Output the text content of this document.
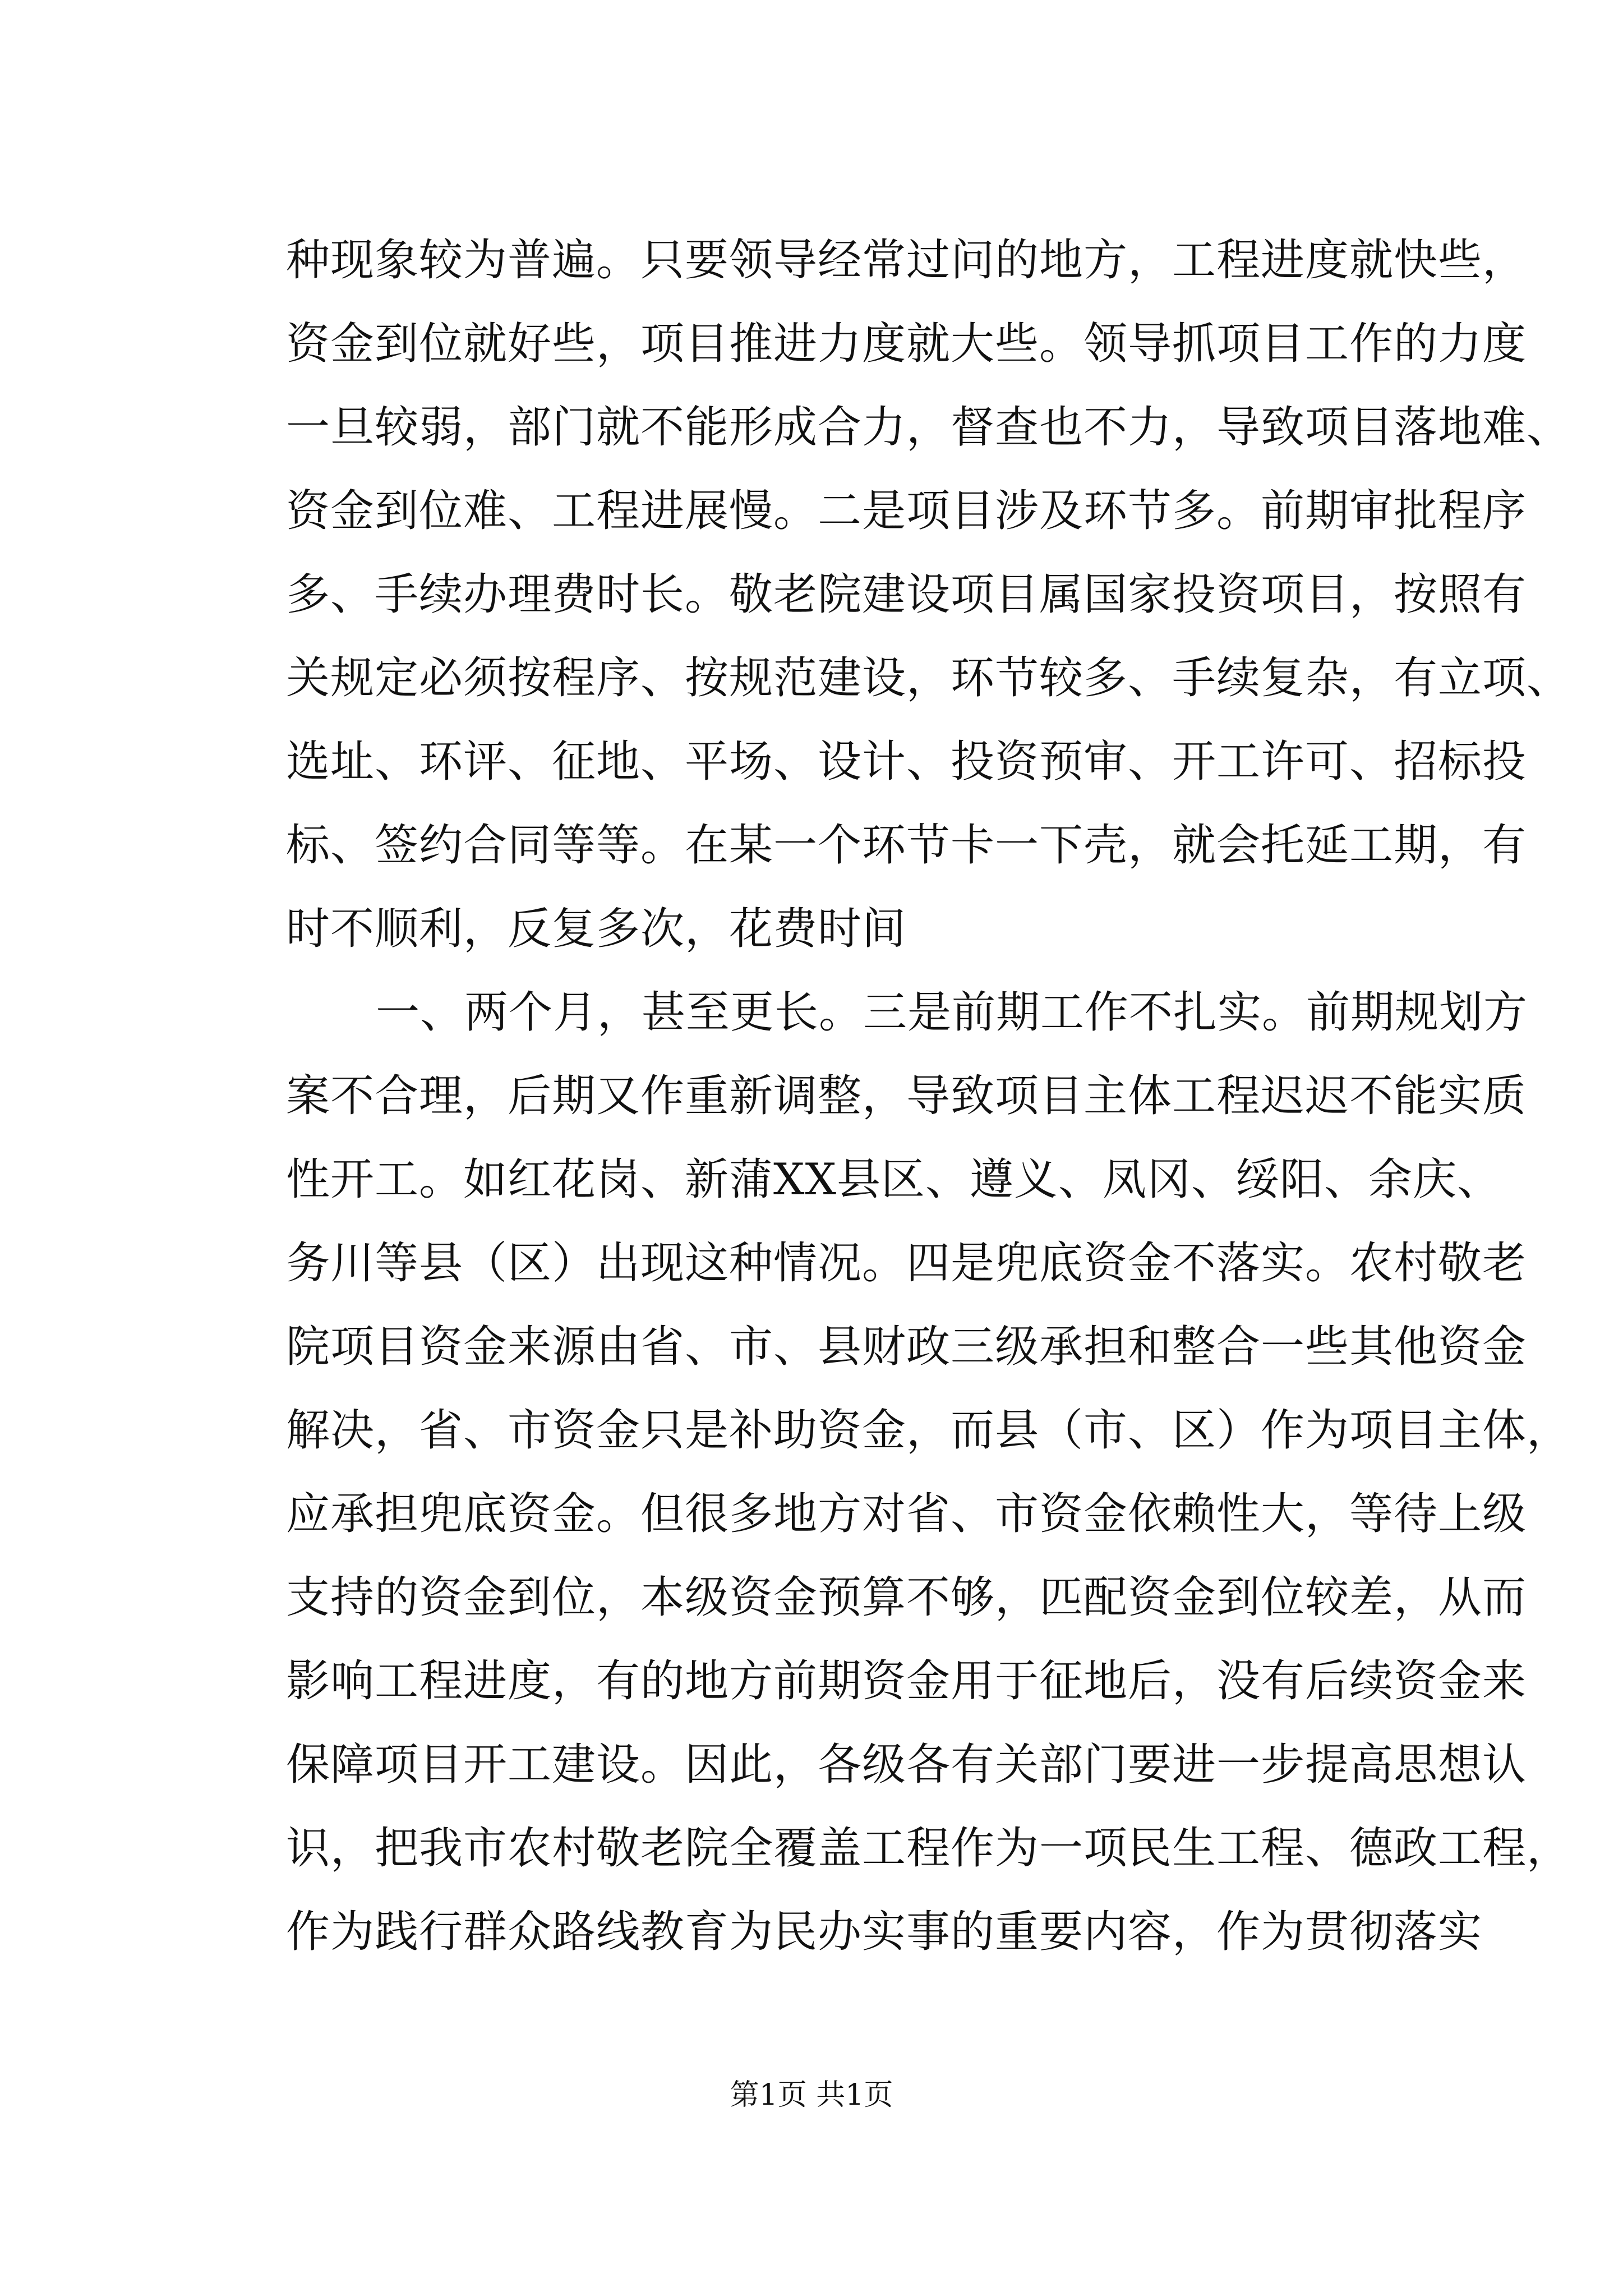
种现象较为普遍。只要领导经常过问的地方，工程进度就快些，
资金到位就好些，项目推进力度就大些。领导抓项目工作的力度
一旦较弱，部门就不能形成合力，督查也不力，导致项目落地难、
资金到位难、工程进展慢。二是项目涉及环节多。前期审批程序
多、手续办理费时长。敬老院建设项目属国家投资项目，按照有
关规定必须按程序、按规范建设，环节较多、手续复杂，有立项、
选址、环评、征地、平场、设计、投资预审、开工许可、招标投
标、签约合同等等。在某一个环节卡一下壳，就会托延工期，有
时不顺利，反复多次，花费时间
一、两个月，甚至更长。三是前期工作不扎实。前期规划方
案不合理，后期又作重新调整，导致项目主体工程迟迟不能实质
性开工。如红花岗、新蒲XX县区、遵义、凤冈、绥阳、余庆、
务川等县（区）出现这种情况。四是兜底资金不落实。农村敬老
院项目资金来源由省、市、县财政三级承担和整合一些其他资金
解决，省、市资金只是补助资金，而县（市、区）作为项目主体，
应承担兜底资金。但很多地方对省、市资金依赖性大，等待上级
支持的资金到位，本级资金预算不够，匹配资金到位较差，从而
影响工程进度，有的地方前期资金用于征地后，没有后续资金来
保障项目开工建设。因此，各级各有关部门要进一步提高思想认
识，把我市农村敬老院全覆盖工程作为一项民生工程、德政工程，
作为践行群众路线教育为民办实事的重要内容，作为贯彻落实
第1页 共1页
